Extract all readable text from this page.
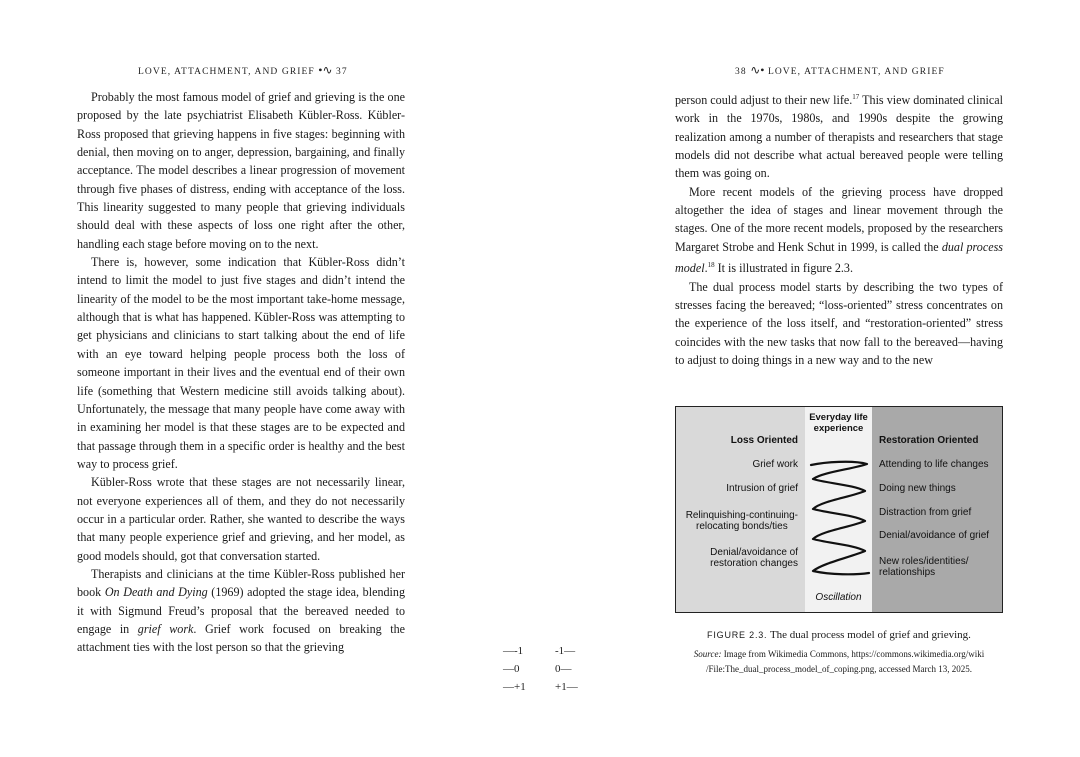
LOVE, ATTACHMENT, AND GRIEF •∿ 37

Probably the most famous model of grief and grieving is the one proposed by the late psychiatrist Elisabeth Kübler-Ross. Kübler-Ross proposed that grieving happens in five stages: beginning with denial, then moving on to anger, depression, bargaining, and finally acceptance. The model describes a linear progression of movement through five phases of distress, ending with acceptance of the loss. This linearity suggested to many people that grieving individuals should deal with these aspects of loss one right after the other, handling each stage before moving on to the next.

There is, however, some indication that Kübler-Ross didn’t intend to limit the model to just five stages and didn’t intend the linearity of the model to be the most important take-home message, although that is what has happened. Kübler-Ross was attempting to get physicians and clinicians to start talking about the end of life with an eye toward helping people process both the loss of someone important in their lives and the eventual end of their own life (something that Western medicine still avoids talking about). Unfortunately, the message that many people have come away with in examining her model is that these stages are to be expected and that passage through them in a specific order is healthy and the best way to process grief.

Kübler-Ross wrote that these stages are not necessarily linear, not everyone experiences all of them, and they do not necessarily occur in a particular order. Rather, she wanted to describe the ways that many people experience grief and grieving, and her model, as good models should, got that conversation started.

Therapists and clinicians at the time Kübler-Ross published her book On Death and Dying (1969) adopted the stage idea, blending it with Sigmund Freud’s proposal that the bereaved needed to engage in grief work. Grief work focused on breaking the attachment ties with the lost person so that the grieving	—-1
—0
—+1
38 ∿• LOVE, ATTACHMENT, AND GRIEF
-1—
0—
+1—

person could adjust to their new life.$^{17}$ This view dominated clinical work in the 1970s, 1980s, and 1990s despite the growing realization among a number of therapists and researchers that stage models did not describe what actual bereaved people were telling them was going on.

More recent models of the grieving process have dropped altogether the idea of stages and linear movement through the stages. One of the more recent models, proposed by the researchers Margaret Strobe and Henk Schut in 1999, is called the dual process model.$^{18}$ It is illustrated in figure 2.3.

The dual process model starts by describing the two types of stresses facing the bereaved; “loss-oriented” stress concentrates on the experience of the loss itself, and “restoration-oriented” stress coincides with the new tasks that now fall to the bereaved—having to adjust to doing things in a new way and to the new

Everyday life
experience
Loss Oriented	Restoration Oriented
Grief work
Intrusion of grief
Relinquishing-continuing-
relocating bonds/ties
Denial/avoidance of
restoration changes
Attending to life changes
Doing new things
Distraction from grief
Denial/avoidance of grief
New roles/identities/
relationships
Oscillation
FIGURE 2.3. The dual process model of grief and grieving.
Source: Image from Wikimedia Commons, https://commons.wikimedia.org/wiki
/File:The_dual_process_model_of_coping.png, accessed March 13, 2025.
